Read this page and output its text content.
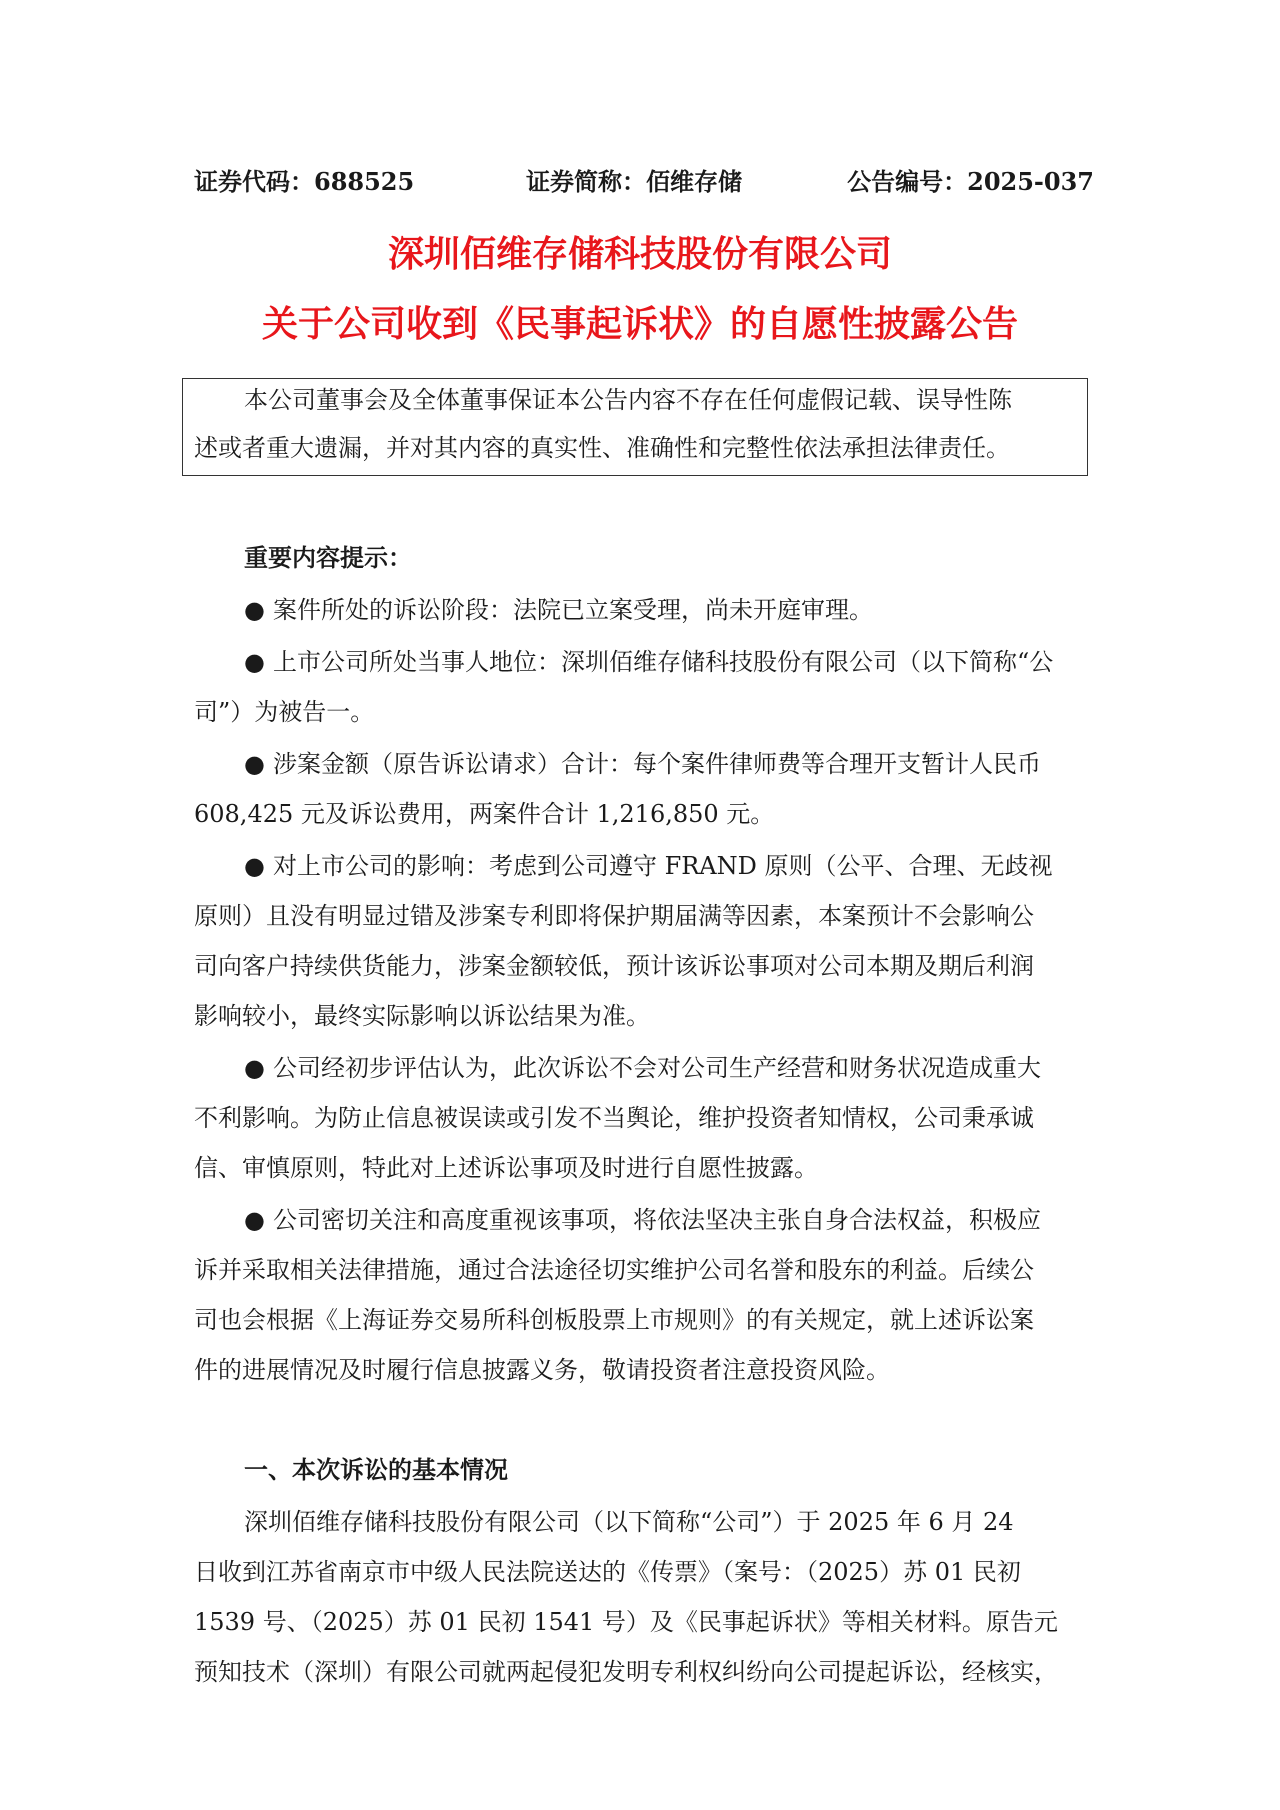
证券代码：688525	证券简称：佰维存储	公告编号：2025-037
深圳佰维存储科技股份有限公司
关于公司收到《民事起诉状》的自愿性披露公告
本公司董事会及全体董事保证本公告内容不存在任何虚假记载、误导性陈
述或者重大遗漏，并对其内容的真实性、准确性和完整性依法承担法律责任。
重要内容提示：
● 案件所处的诉讼阶段：法院已立案受理，尚未开庭审理。
● 上市公司所处当事人地位：深圳佰维存储科技股份有限公司（以下简称“公
司”）为被告一。
● 涉案金额（原告诉讼请求）合计：每个案件律师费等合理开支暂计人民币
608,425 元及诉讼费用，两案件合计 1,216,850 元。
● 对上市公司的影响：考虑到公司遵守 FRAND 原则（公平、合理、无歧视
原则）且没有明显过错及涉案专利即将保护期届满等因素，本案预计不会影响公
司向客户持续供货能力，涉案金额较低，预计该诉讼事项对公司本期及期后利润
影响较小，最终实际影响以诉讼结果为准。
● 公司经初步评估认为，此次诉讼不会对公司生产经营和财务状况造成重大
不利影响。为防止信息被误读或引发不当舆论，维护投资者知情权，公司秉承诚
信、审慎原则，特此对上述诉讼事项及时进行自愿性披露。
● 公司密切关注和高度重视该事项，将依法坚决主张自身合法权益，积极应
诉并采取相关法律措施，通过合法途径切实维护公司名誉和股东的利益。后续公
司也会根据《上海证券交易所科创板股票上市规则》的有关规定，就上述诉讼案
件的进展情况及时履行信息披露义务，敬请投资者注意投资风险。
一、本次诉讼的基本情况
深圳佰维存储科技股份有限公司（以下简称“公司”）于 2025 年 6 月 24
日收到江苏省南京市中级人民法院送达的《传票》（案号：（2025）苏 01 民初
1539 号、（2025）苏 01 民初 1541 号）及《民事起诉状》等相关材料。原告元
预知技术（深圳）有限公司就两起侵犯发明专利权纠纷向公司提起诉讼，经核实，
